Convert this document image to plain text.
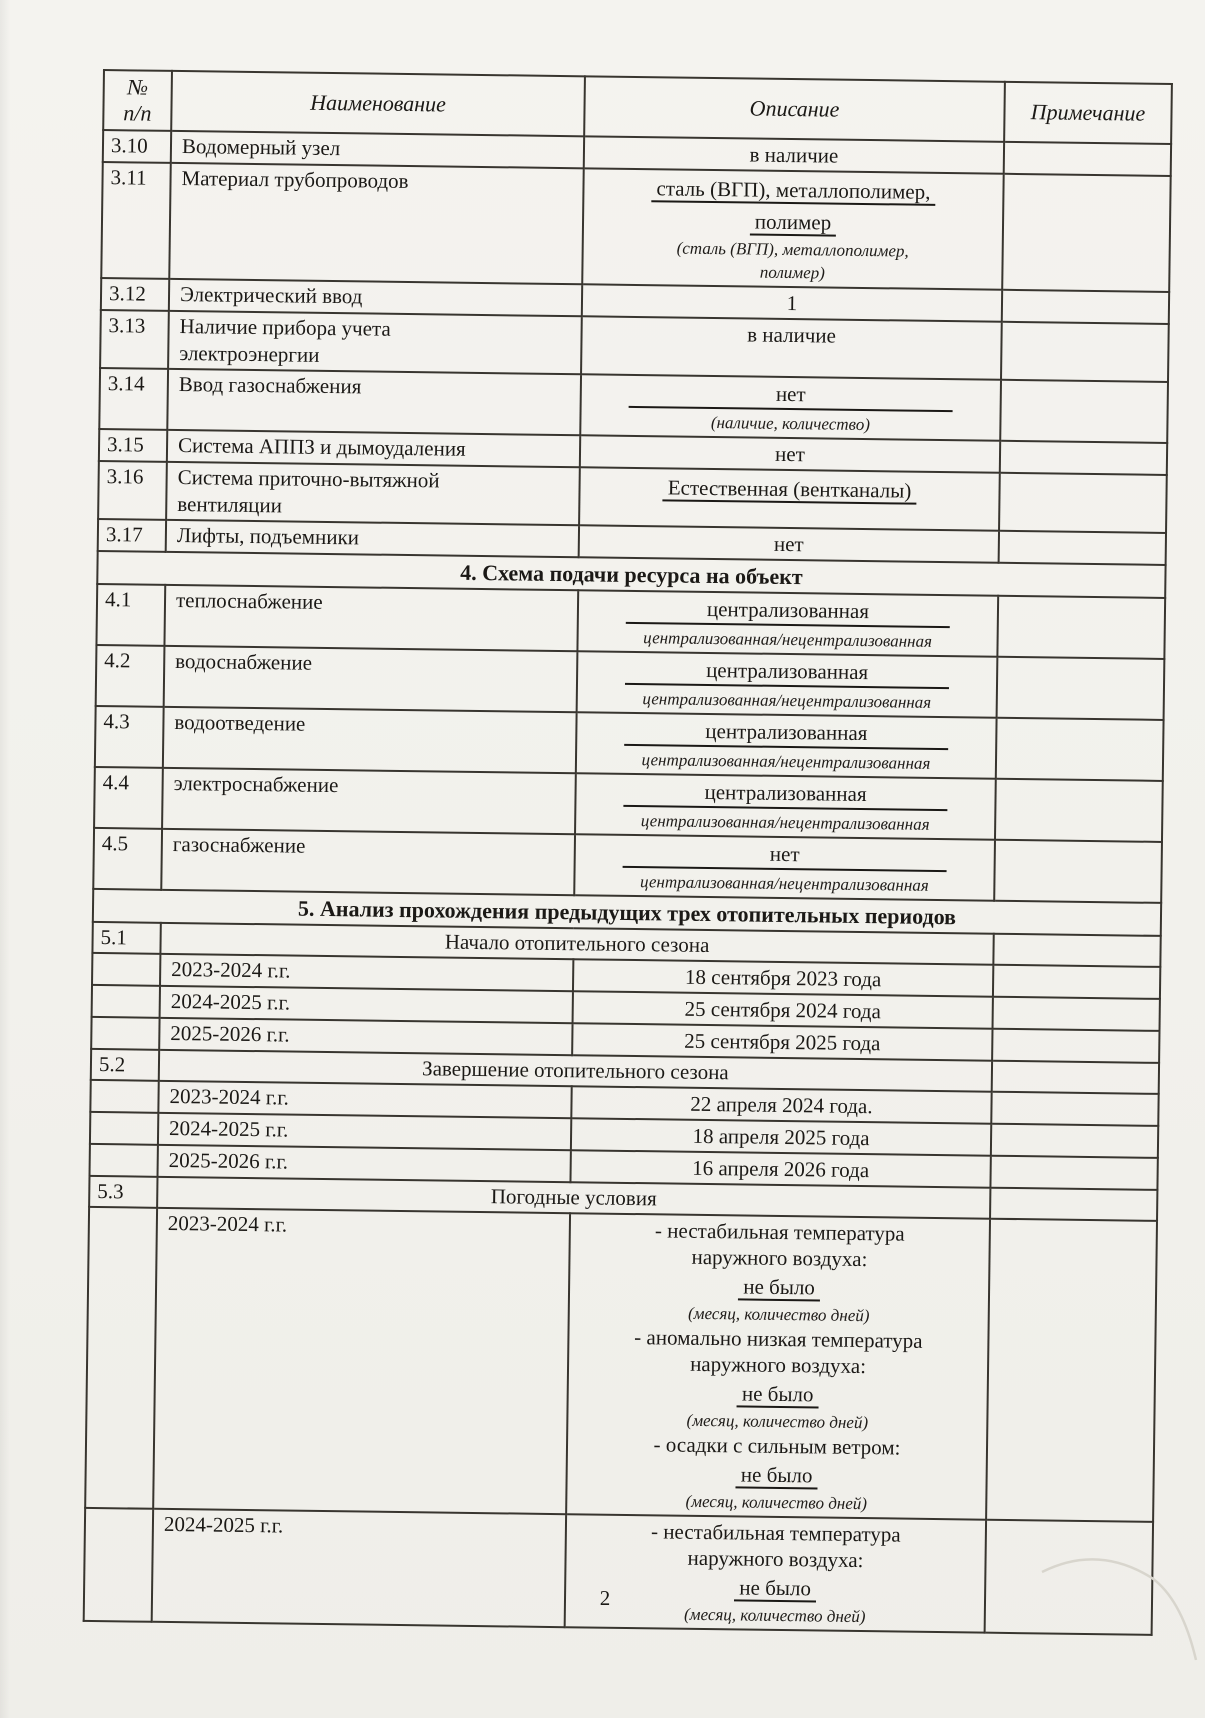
№
п/п	Наименование	Описание	Примечание
3.10	Водомерный узел	в наличие	

3.11	Материал трубопроводов	сталь (ВГП), металлополимер,
полимер
(сталь (ВГП), металлополимер,
полимер)	

3.12	Электрический ввод	1	

3.13	Наличие прибора учета электроэнергии	в наличие	

3.14	Ввод газоснабжения	нет
(наличие, количество)	

3.15	Система АППЗ и дымоудаления	нет	

3.16	Система приточно-вытяжной вентиляции	Естественная (вентканалы)	

3.17	Лифты, подъемники	нет	

4. Схема подачи ресурса на объект			
4.1	теплоснабжение	централизованная
централизованная/нецентрализованная	

4.2	водоснабжение	централизованная
централизованная/нецентрализованная	

4.3	водоотведение	централизованная
централизованная/нецентрализованная	

4.4	электроснабжение	централизованная
централизованная/нецентрализованная	

4.5	газоснабжение	нет
централизованная/нецентрализованная	

5. Анализ прохождения предыдущих трех отопительных периодов			
5.1	Начало отопительного сезона		
	2023-2024 г.г.	18 сентября 2023 года	

	2024-2025 г.г.	25 сентября 2024 года	

	2025-2026 г.г.	25 сентября 2025 года	

5.2	Завершение отопительного сезона		
	2023-2024 г.г.	22 апреля 2024 года.	

	2024-2025 г.г.	18 апреля 2025 года	

	2025-2026 г.г.	16 апреля 2026 года	

5.3	Погодные условия		
	2023-2024 г.г.	- нестабильная температура
наружного воздуха:
не было
(месяц, количество дней)
- аномально низкая температура
наружного воздуха:
не было
(месяц, количество дней)
- осадки с сильным ветром:
не было
(месяц, количество дней)

	2024-2025 г.г.	- нестабильная температура
наружного воздуха:
не было
(месяц, количество дней)	

2
